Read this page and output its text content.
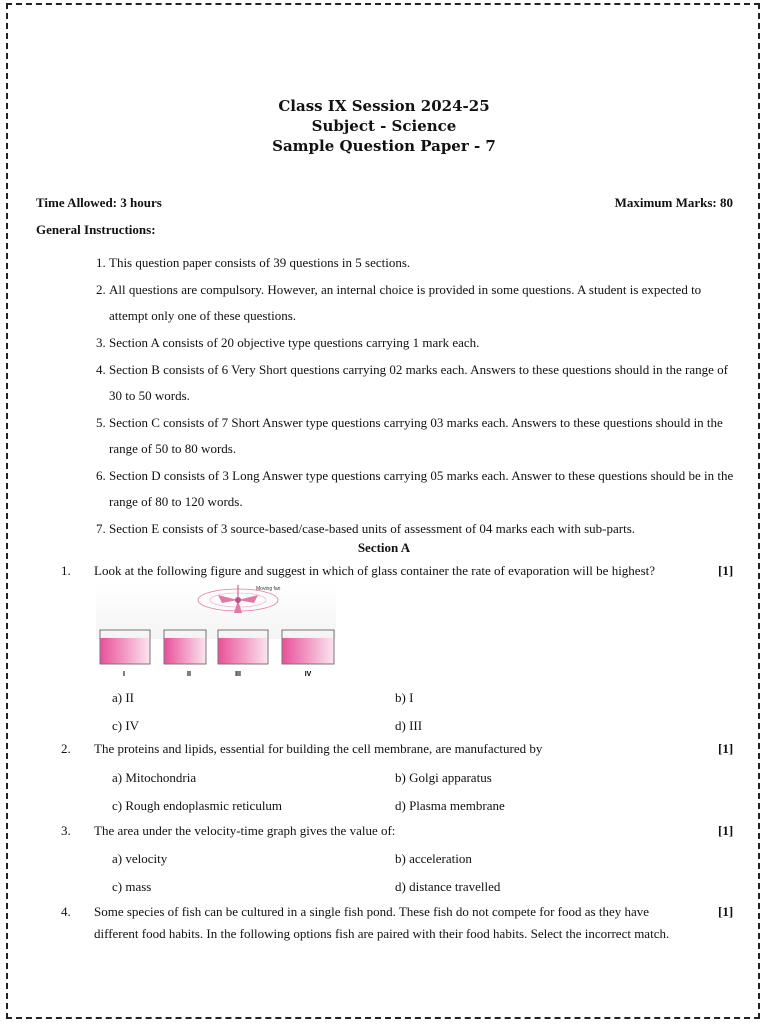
Class IX Session 2024-25
Subject - Science
Sample Question Paper - 7
Time Allowed: 3 hours	Maximum Marks: 80
General Instructions:
1. This question paper consists of 39 questions in 5 sections.
2. All questions are compulsory. However, an internal choice is provided in some questions. A student is expected to attempt only one of these questions.
3. Section A consists of 20 objective type questions carrying 1 mark each.
4. Section B consists of 6 Very Short questions carrying 02 marks each. Answers to these questions should in the range of 30 to 50 words.
5. Section C consists of 7 Short Answer type questions carrying 03 marks each. Answers to these questions should in the range of 50 to 80 words.
6. Section D consists of 3 Long Answer type questions carrying 05 marks each. Answer to these questions should be in the range of 80 to 120 words.
7. Section E consists of 3 source-based/case-based units of assessment of 04 marks each with sub-parts.
Section A
1. Look at the following figure and suggest in which of glass container the rate of evaporation will be highest?	[1]
Moving fan
I	II	III	IV
a) II	b) I
c) IV	d) III
2. The proteins and lipids, essential for building the cell membrane, are manufactured by	[1]
a) Mitochondria	b) Golgi apparatus
c) Rough endoplasmic reticulum	d) Plasma membrane
3. The area under the velocity-time graph gives the value of:	[1]
a) velocity	b) acceleration
c) mass	d) distance travelled
4. Some species of fish can be cultured in a single fish pond. These fish do not compete for food as they have different food habits. In the following options fish are paired with their food habits. Select the incorrect match.
[1]
